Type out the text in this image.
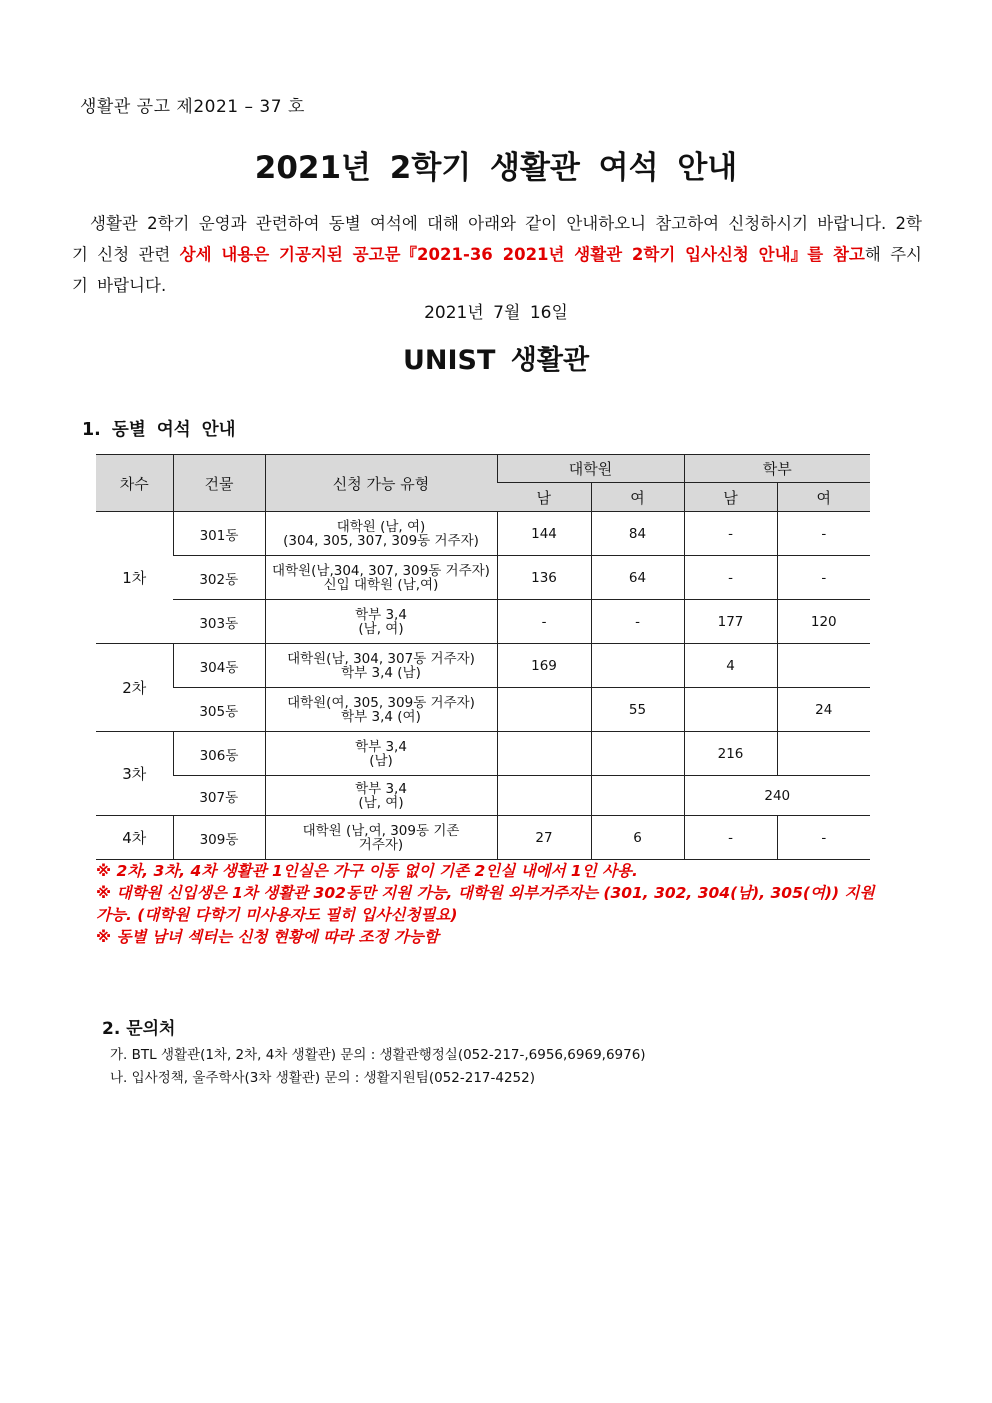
생활관 공고 제2021 – 37 호
2021년 2학기 생활관 여석 안내
생활관 2학기 운영과 관련하여 동별 여석에 대해 아래와 같이 안내하오니 참고하여 신청하시기 바랍니다. 2학기 신청 관련 상세 내용은 기공지된 공고문『2021-36 2021년 생활관 2학기 입사신청 안내』를 참고해 주시기 바랍니다.
2021년 7월 16일
UNIST 생활관
1. 동별 여석 안내
차수	건물	신청 가능 유형	대학원		학부	
			남	여	남	여
1차	301동	대학원 (남, 여)
(304, 305, 307, 309동 거주자)	144	84	-	-
	302동	대학원(남,304, 307, 309동 거주자)
신입 대학원 (남,여)	136	64	-	-
	303동	학부 3,4
(남, 여)	-	-	177	120
2차	304동	대학원(남, 304, 307동 거주자)
학부 3,4 (남)	169		4	
	305동	대학원(여, 305, 309동 거주자)
학부 3,4 (여)		55		24
3차	306동	학부 3,4
(남)			216	
	307동	학부 3,4
(남, 여)			240	
4차	309동	대학원 (남,여, 309동 기존
거주자)	27	6	-	-
※ 2차, 3차, 4차 생활관 1인실은 가구 이동 없이 기존 2인실 내에서 1인 사용.
※ 대학원 신입생은 1차 생활관 302동만 지원 가능, 대학원 외부거주자는 (301, 302, 304(남), 305(여)) 지원가능. (대학원 다학기 미사용자도 필히 입사신청필요)
※ 동별 남녀 섹터는 신청 현황에 따라 조정 가능함
2. 문의처
가. BTL 생활관(1차, 2차, 4차 생활관) 문의 : 생활관행정실(052-217-,6956,6969,6976)
나. 입사정책, 울주학사(3차 생활관) 문의 : 생활지원팀(052-217-4252)
